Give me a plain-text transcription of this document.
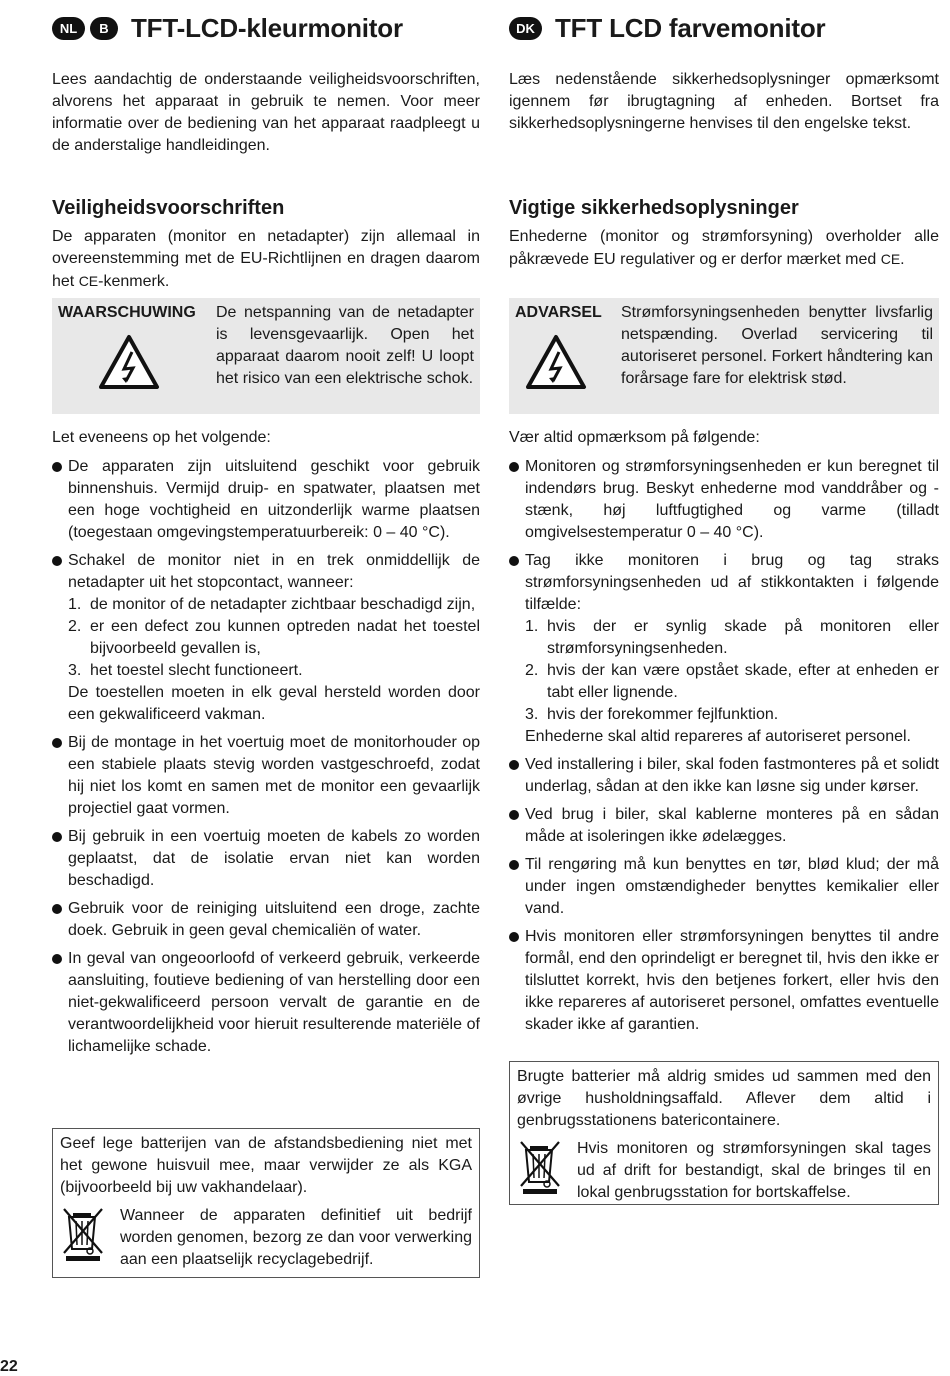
NL	B TFT-LCD-kleurmonitor

Lees aandachtig de onderstaande veiligheidsvoorschriften, alvorens het apparaat in gebruik te nemen. Voor meer informatie over de bediening van het apparaat raadpleegt u de anderstalige handleidingen.

Veiligheidsvoorschriften

De apparaten (monitor en netadapter) zijn allemaal in overeenstemming met de EU-Richtlijnen en dragen daarom het CE-kenmerk.

WAARSCHUWING	De netspanning van de netadapter is levensgevaarlijk. Open het apparaat daarom nooit zelf! U loopt het risico van een elektrische schok.

Let eveneens op het volgende:

De apparaten zijn uitsluitend geschikt voor gebruik binnenshuis. Vermijd druip- en spatwater, plaatsen met een hoge vochtigheid en uitzonderlijk warme plaatsen (toegestaan omgevingstemperatuurbereik: 0 – 40 °C).
Schakel de monitor niet in en trek onmiddellijk de netadapter uit het stopcontact, wanneer:
1. de monitor of de netadapter zichtbaar beschadigd zijn,
2. er een defect zou kunnen optreden nadat het toestel bijvoorbeeld gevallen is,
3. het toestel slecht functioneert.
De toestellen moeten in elk geval hersteld worden door een gekwalificeerd vakman.
Bij de montage in het voertuig moet de monitorhouder op een stabiele plaats stevig worden vastgeschroefd, zodat hij niet los komt en samen met de monitor een gevaarlijk projectiel gaat vormen.
Bij gebruik in een voertuig moeten de kabels zo worden geplaatst, dat de isolatie ervan niet kan worden beschadigd.
Gebruik voor de reiniging uitsluitend een droge, zachte doek. Gebruik in geen geval chemicaliën of water.
In geval van ongeoorloofd of verkeerd gebruik, verkeerde aansluiting, foutieve bediening of van herstelling door een niet-gekwalificeerd persoon vervalt de garantie en de verantwoordelijkheid voor hieruit resulterende materiële of lichamelijke schade.
Geef lege batterijen van de afstandsbediening niet met het gewone huisvuil mee, maar verwijder ze als KGA (bijvoorbeeld bij uw vakhandelaar).
Wanneer de apparaten definitief uit bedrijf worden genomen, bezorg ze dan voor verwerking aan een plaatselijk recyclagebedrijf.
DK TFT LCD farvemonitor

Læs nedenstående sikkerhedsoplysninger opmærksomt igennem før ibrugtagning af enheden. Bortset fra sikkerhedsoplysningerne henvises til den engelske tekst.

Vigtige sikkerhedsoplysninger

Enhederne (monitor og strømforsyning) overholder alle påkrævede EU regulativer og er derfor mærket med CE.

ADVARSEL	Strømforsyningsenheden benytter livsfarlig netspænding. Overlad servicering til autoriseret personel. Forkert håndtering kan forårsage fare for elektrisk stød.

Vær altid opmærksom på følgende:

Monitoren og strømforsyningsenheden er kun beregnet til indendørs brug. Beskyt enhederne mod vanddråber og -stænk, høj luftfugtighed og varme (tilladt omgivelsestemperatur 0 – 40 °C).
Tag ikke monitoren i brug og tag straks strømforsyningsenheden ud af stikkontakten i følgende tilfælde:
1. hvis der er synlig skade på monitoren eller strømforsyningsenheden.
2. hvis der kan være opstået skade, efter at enheden er tabt eller lignende.
3. hvis der forekommer fejlfunktion.
Enhederne skal altid repareres af autoriseret personel.
Ved installering i biler, skal foden fastmonteres på et solidt underlag, sådan at den ikke kan løsne sig under kørser.
Ved brug i biler, skal kablerne monteres på en sådan måde at isoleringen ikke ødelægges.
Til rengøring må kun benyttes en tør, blød klud; der må under ingen omstændigheder benyttes kemikalier eller vand.
Hvis monitoren eller strømforsyningen benyttes til andre formål, end den oprindeligt er beregnet til, hvis den ikke er tilsluttet korrekt, hvis den betjenes forkert, eller hvis den ikke repareres af autoriseret personel, omfattes eventuelle skader ikke af garantien.
Brugte batterier må aldrig smides ud sammen med den øvrige husholdningsaffald. Aflever dem altid i genbrugsstationens batericontainere.
Hvis monitoren og strømforsyningen skal tages ud af drift for bestandigt, skal de bringes til en lokal genbrugsstation for bortskaffelse.
22
